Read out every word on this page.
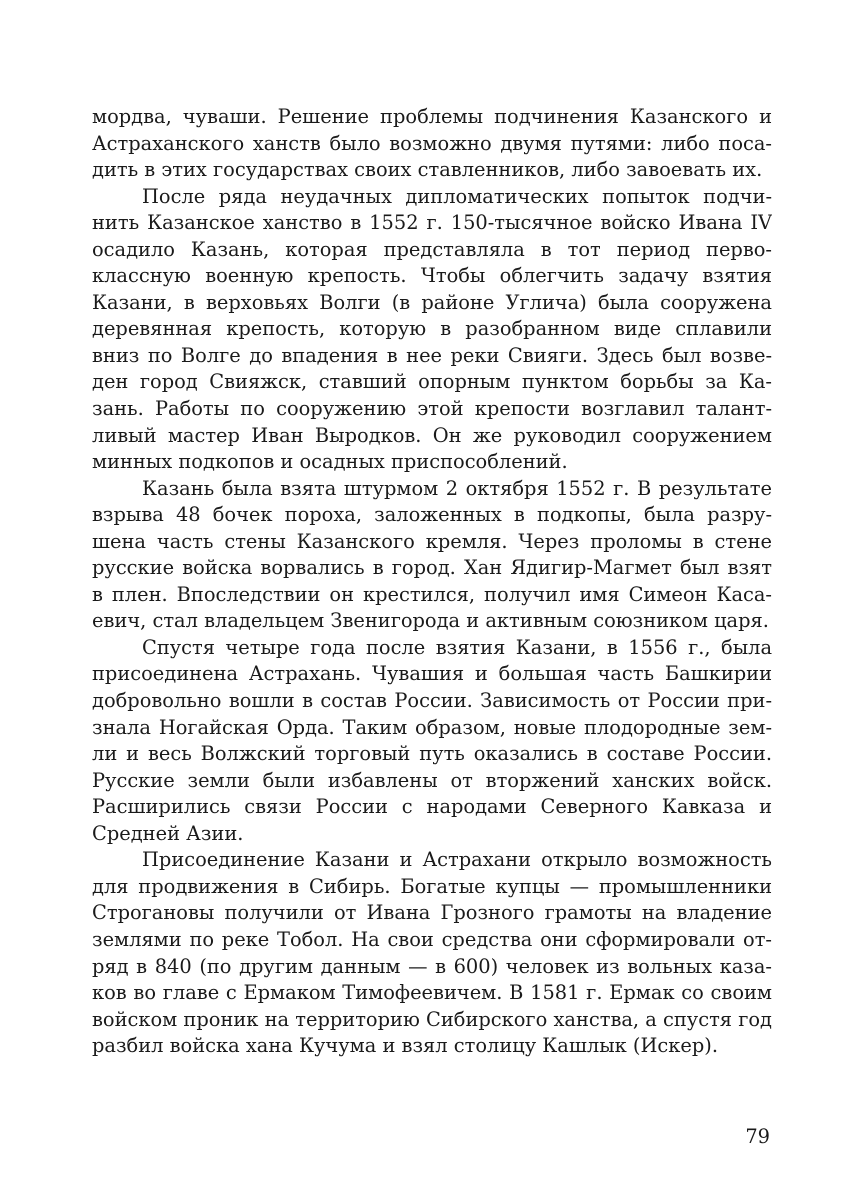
мордва, чуваши. Решение проблемы подчинения Казанского и
Астраханского ханств было возможно двумя путями: либо поса-
дить в этих государствах своих ставленников, либо завоевать их.
После ряда неудачных дипломатических попыток подчи-
нить Казанское ханство в 1552 г. 150-тысячное войско Ивана IV
осадило Казань, которая представляла в тот период перво-
классную военную крепость. Чтобы облегчить задачу взятия
Казани, в верховьях Волги (в районе Углича) была сооружена
деревянная крепость, которую в разобранном виде сплавили
вниз по Волге до впадения в нее реки Свияги. Здесь был возве-
ден город Свияжск, ставший опорным пунктом борьбы за Ка-
зань. Работы по сооружению этой крепости возглавил талант-
ливый мастер Иван Выродков. Он же руководил сооружением
минных подкопов и осадных приспособлений.
Казань была взята штурмом 2 октября 1552 г. В результате
взрыва 48 бочек пороха, заложенных в подкопы, была разру-
шена часть стены Казанского кремля. Через проломы в стене
русские войска ворвались в город. Хан Ядигир-Магмет был взят
в плен. Впоследствии он крестился, получил имя Симеон Каса-
евич, стал владельцем Звенигорода и активным союзником царя.
Спустя четыре года после взятия Казани, в 1556 г., была
присоединена Астрахань. Чувашия и большая часть Башкирии
добровольно вошли в состав России. Зависимость от России при-
знала Ногайская Орда. Таким образом, новые плодородные зем-
ли и весь Волжский торговый путь оказались в составе России.
Русские земли были избавлены от вторжений ханских войск.
Расширились связи России с народами Северного Кавказа и
Средней Азии.
Присоединение Казани и Астрахани открыло возможность
для продвижения в Сибирь. Богатые купцы — промышленники
Строгановы получили от Ивана Грозного грамоты на владение
землями по реке Тобол. На свои средства они сформировали от-
ряд в 840 (по другим данным — в 600) человек из вольных каза-
ков во главе с Ермаком Тимофеевичем. В 1581 г. Ермак со своим
войском проник на территорию Сибирского ханства, а спустя год
разбил войска хана Кучума и взял столицу Кашлык (Искер).
79
